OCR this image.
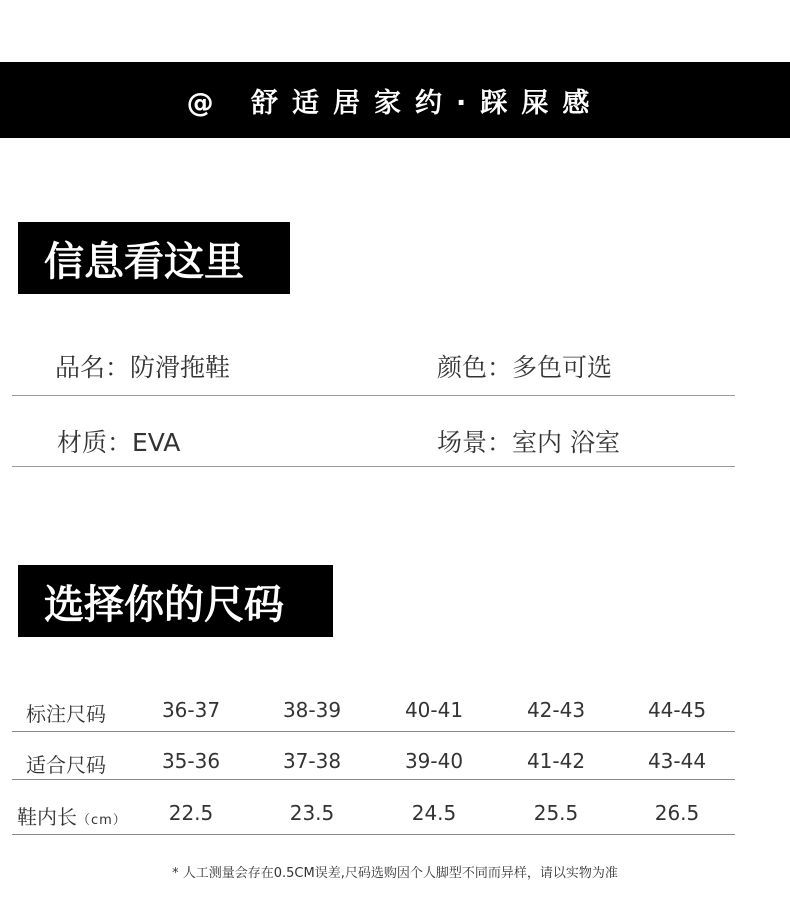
@ 舒适居家约·踩屎感
信息看这里
品名：防滑拖鞋	颜色：多色可选
材质：EVA	场景：室内 浴室
选择你的尺码
标注尺码	36-37	38-39	40-41	42-43	44-45
适合尺码	35-36	37-38	39-40	41-42	43-44
鞋内长（cm） 22.5	23.5	24.5	25.5	26.5
* 人工测量会存在0.5CM误差,尺码选购因个人脚型不同而异样，请以实物为准
